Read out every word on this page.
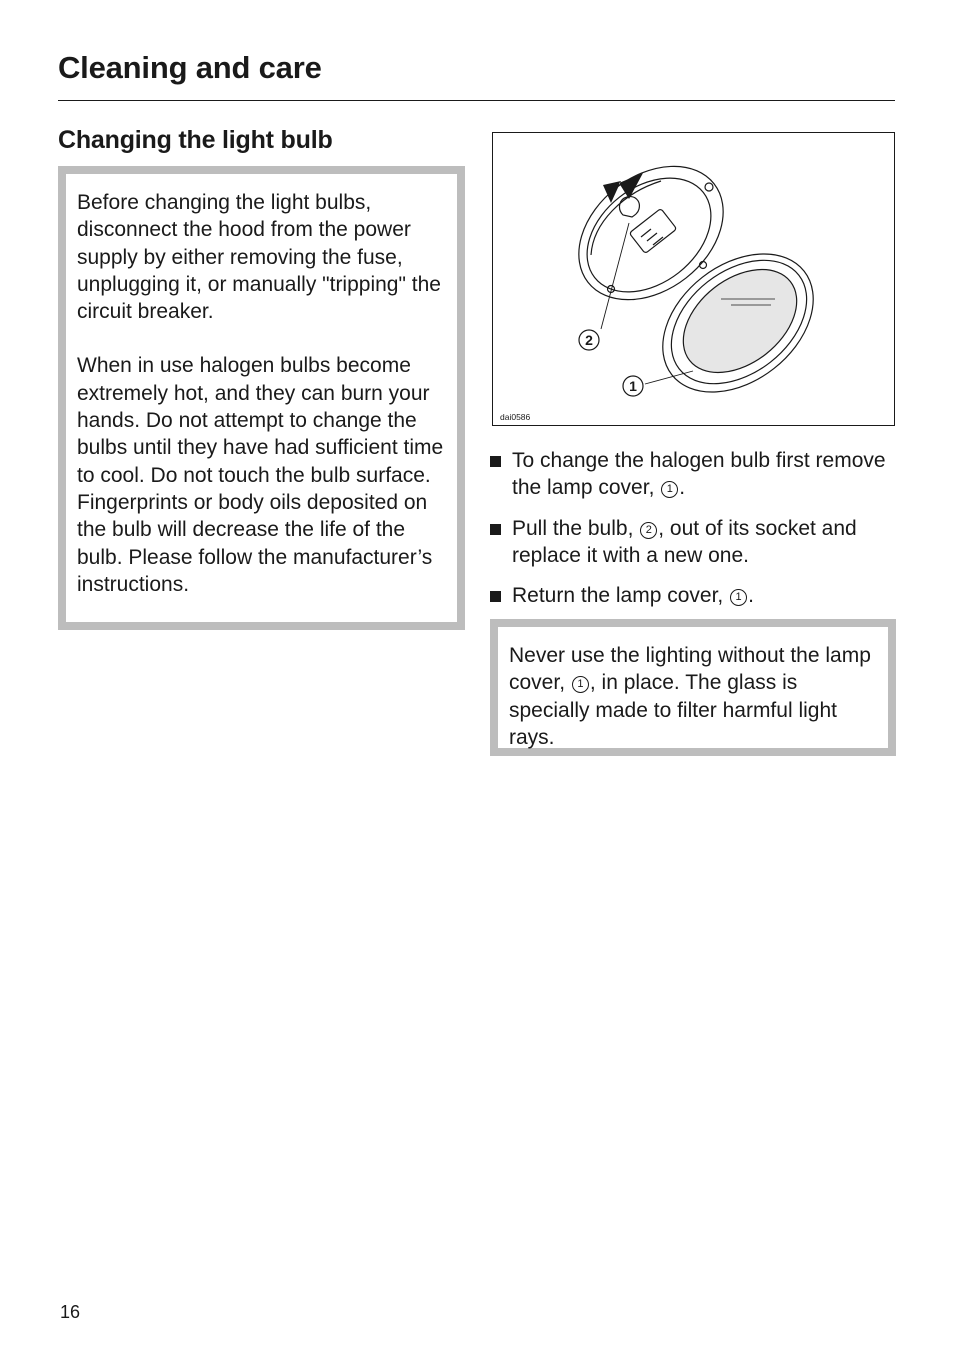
Cleaning and care
Changing the light bulb

Before changing the light bulbs, disconnect the hood from the power supply by either removing the fuse, unplugging it, or manually "tripping" the circuit breaker.

When in use halogen bulbs become extremely hot, and they can burn your hands. Do not attempt to change the bulbs until they have had sufficient time to cool. Do not touch the bulb surface. Fingerprints or body oils deposited on the bulb will decrease the life of the bulb. Please follow the manufacturer’s instructions.

2
1
dai0586
To change the halogen bulb first remove the lamp cover, 1 .
Pull the bulb, 2 , out of its socket and replace it with a new one.
Return the lamp cover, 1 .

Never use the lighting without the lamp cover, 1 , in place. The glass is specially made to filter harmful light rays.

16
